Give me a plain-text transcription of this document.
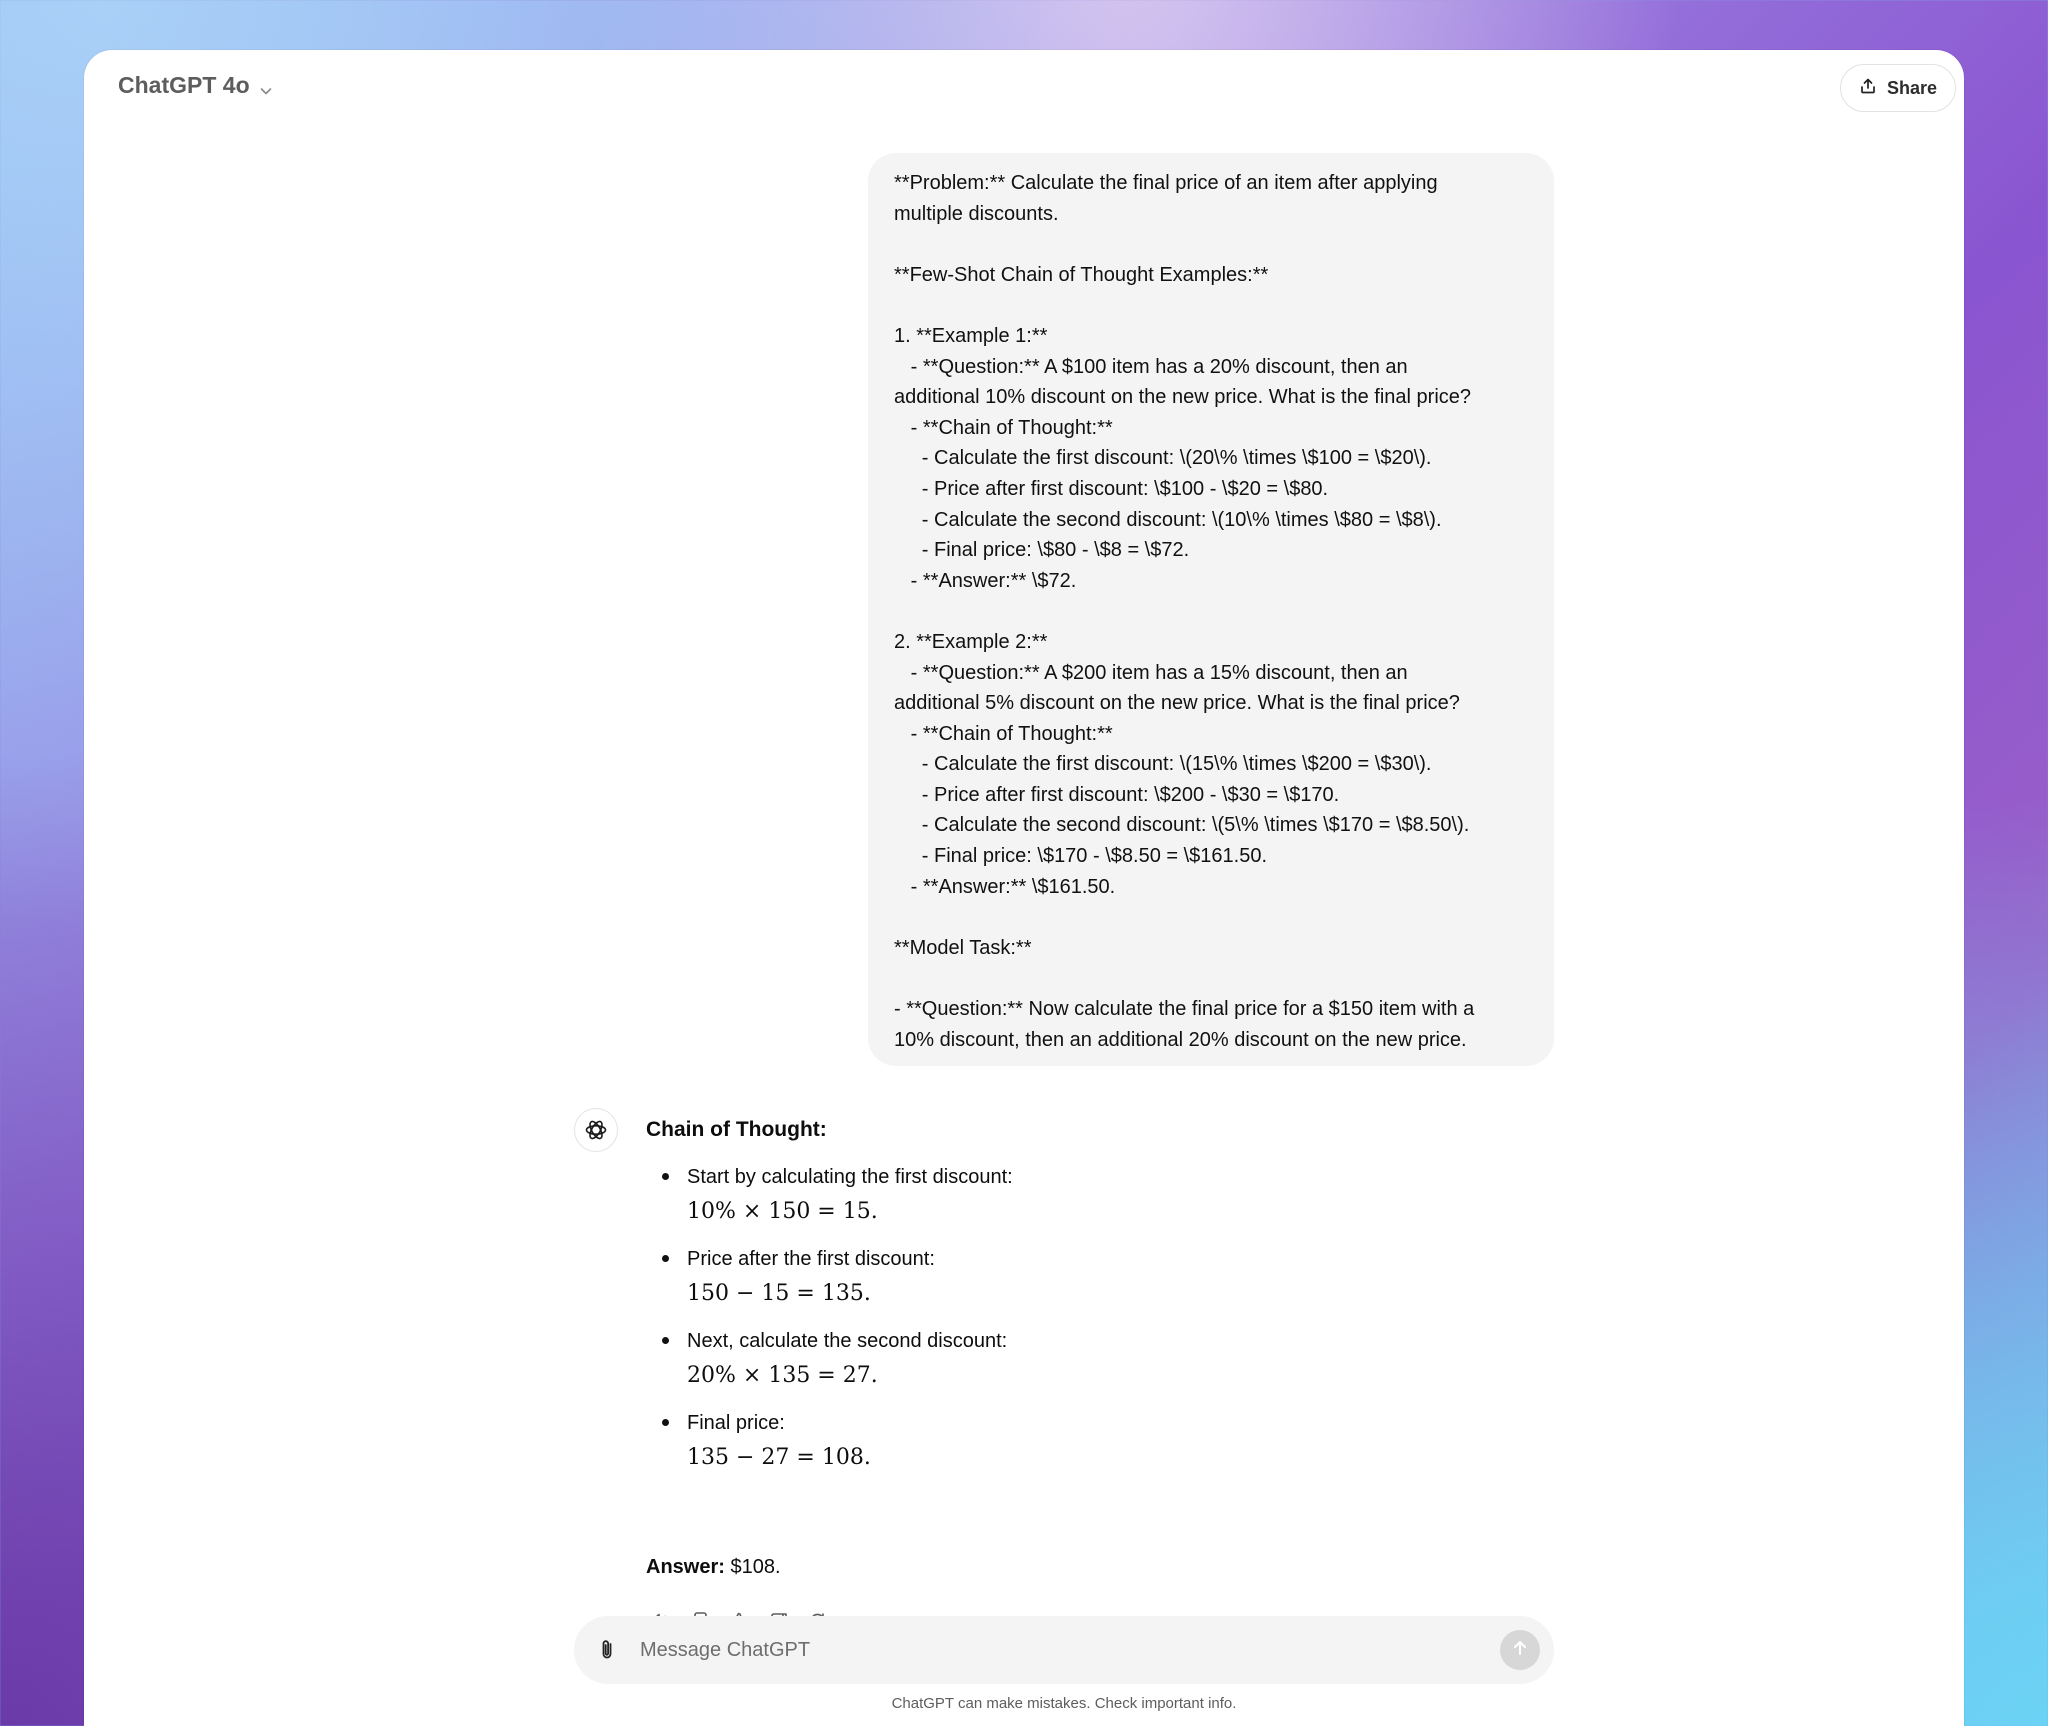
ChatGPT 4o	Share
**Problem:** Calculate the final price of an item after applying
multiple discounts.
**Few-Shot Chain of Thought Examples:**
1. **Example 1:**
- **Question:** A $100 item has a 20% discount, then an
additional 10% discount on the new price. What is the final price?
- **Chain of Thought:**
- Calculate the first discount: \(20\% \times \$100 = \$20\).
- Price after first discount: \$100 - \$20 = \$80.
- Calculate the second discount: \(10\% \times \$80 = \$8\).
- Final price: \$80 - \$8 = \$72.
- **Answer:** \$72.
2. **Example 2:**
- **Question:** A $200 item has a 15% discount, then an
additional 5% discount on the new price. What is the final price?
- **Chain of Thought:**
- Calculate the first discount: \(15\% \times \$200 = \$30\).
- Price after first discount: \$200 - \$30 = \$170.
- Calculate the second discount: \(5\% \times \$170 = \$8.50\).
- Final price: \$170 - \$8.50 = \$161.50.
- **Answer:** \$161.50.
**Model Task:**
- **Question:** Now calculate the final price for a $150 item with a
10% discount, then an additional 20% discount on the new price.
Chain of Thought:
Start by calculating the first discount:
10% × 150 = 15.
Price after the first discount:
150 − 15 = 135.
Next, calculate the second discount:
20% × 135 = 27.
Final price:
135 − 27 = 108.
Answer: $108.
Message ChatGPT
ChatGPT can make mistakes. Check important info.
